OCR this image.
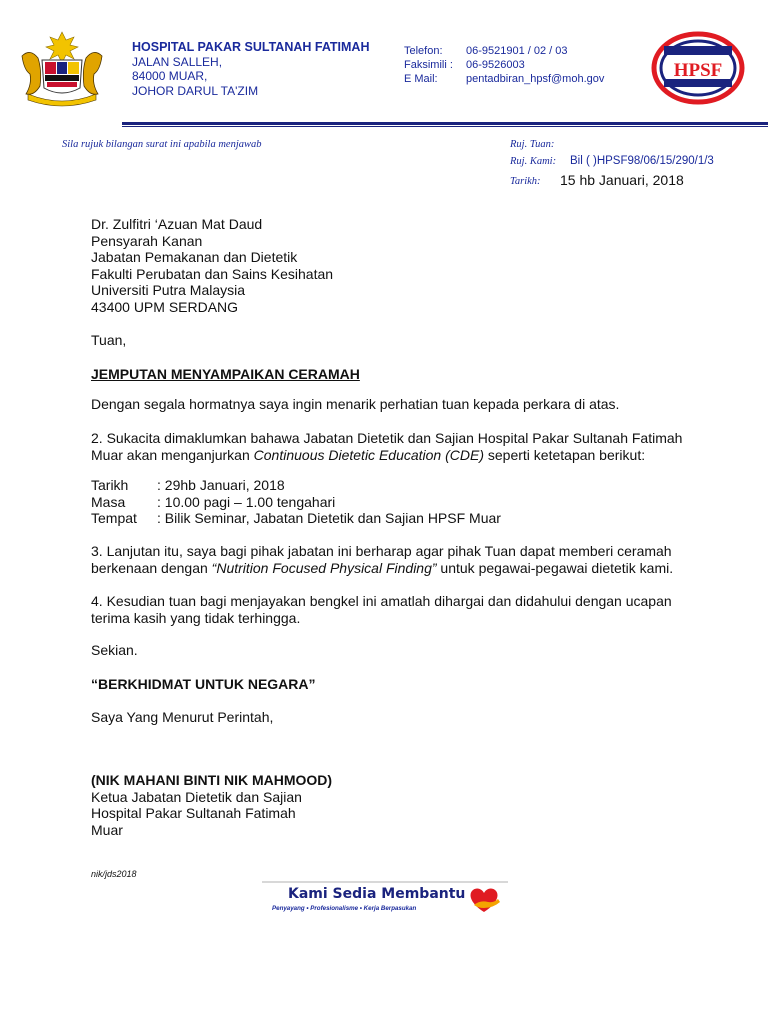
HOSPITAL PAKAR SULTANAH FATIMAH
JALAN SALLEH,
84000 MUAR,
JOHOR DARUL TA'ZIM
Telefon: 06-9521901 / 02 / 03
Faksimili : 06-9526003
E Mail:	pentadbiran_hpsf@moh.gov	HPSF
Sila rujuk bilangan surat ini apabila menjawab	Ruj. Tuan:
Ruj. Kami: Bil ( )HPSF98/06/15/290/1/3
Tarikh: 15 hb Januari, 2018
Dr. Zulfitri ‘Azuan Mat Daud
Pensyarah Kanan
Jabatan Pemakanan dan Dietetik
Fakulti Perubatan dan Sains Kesihatan
Universiti Putra Malaysia
43400 UPM SERDANG
Tuan,
JEMPUTAN MENYAMPAIKAN CERAMAH
Dengan segala hormatnya saya ingin menarik perhatian tuan kepada perkara di atas.
2. Sukacita dimaklumkan bahawa Jabatan Dietetik dan Sajian Hospital Pakar Sultanah Fatimah Muar akan menganjurkan Continuous Dietetic Education (CDE) seperti ketetapan berikut:
Tarikh : 29hb Januari, 2018
Masa : 10.00 pagi – 1.00 tengahari
Tempat : Bilik Seminar, Jabatan Dietetik dan Sajian HPSF Muar
3. Lanjutan itu, saya bagi pihak jabatan ini berharap agar pihak Tuan dapat memberi ceramah berkenaan dengan “Nutrition Focused Physical Finding” untuk pegawai-pegawai dietetik kami.
4. Kesudian tuan bagi menjayakan bengkel ini amatlah dihargai dan didahului dengan ucapan terima kasih yang tidak terhingga.
Sekian.
“BERKHIDMAT UNTUK NEGARA”
Saya Yang Menurut Perintah,
(NIK MAHANI BINTI NIK MAHMOOD)
Ketua Jabatan Dietetik dan Sajian
Hospital Pakar Sultanah Fatimah
Muar
nik/jds2018
Kami Sedia Membantu
Penyayang • Profesionalisme • Kerja Berpasukan
